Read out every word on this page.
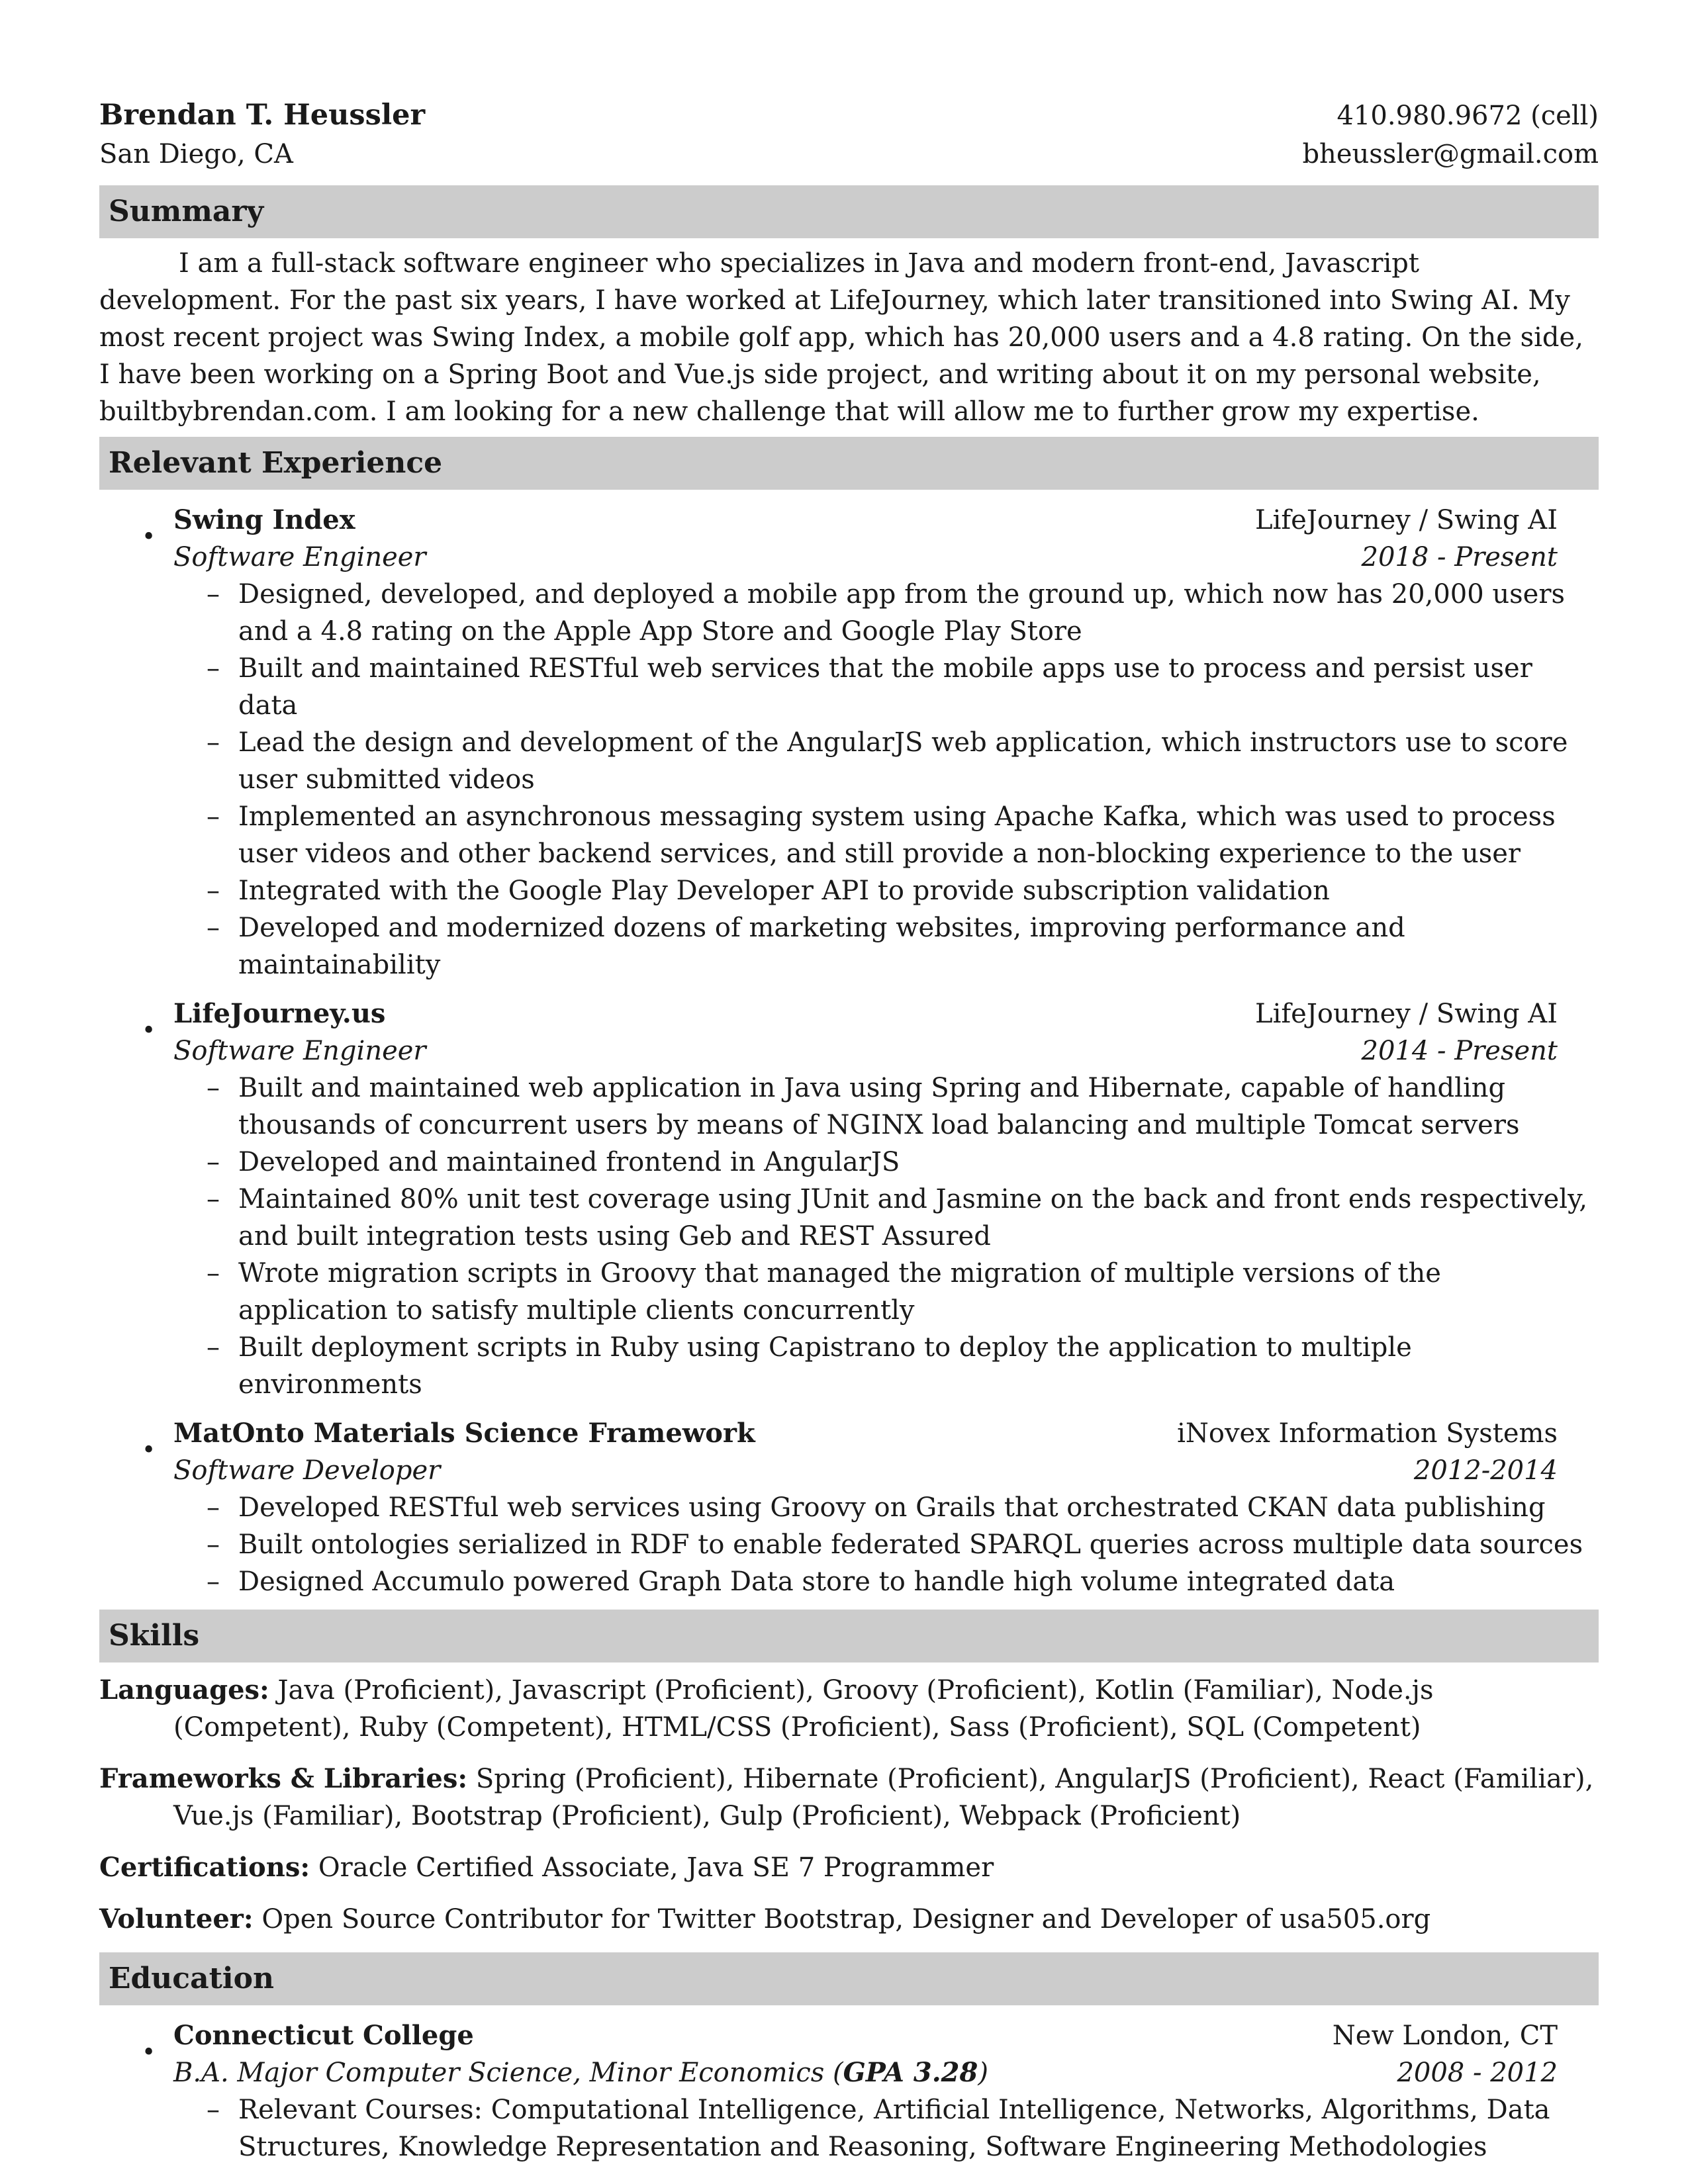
Brendan T. Heussler	410.980.9672 (cell)
San Diego, CA	bheussler@gmail.com
Summary
I am a full-stack software engineer who specializes in Java and modern front-end, Javascript development. For the past six years, I have worked at LifeJourney, which later transitioned into Swing AI. My most recent project was Swing Index, a mobile golf app, which has 20,000 users and a 4.8 rating. On the side, I have been working on a Spring Boot and Vue.js side project, and writing about it on my personal website, builtbybrendan.com. I am looking for a new challenge that will allow me to further grow my expertise.
Relevant Experience
•
Swing Index	LifeJourney / Swing AI
Software Engineer	2018 - Present
– Designed, developed, and deployed a mobile app from the ground up, which now has 20,000 users and a 4.8 rating on the Apple App Store and Google Play Store
– Built and maintained RESTful web services that the mobile apps use to process and persist user data
– Lead the design and development of the AngularJS web application, which instructors use to score user submitted videos
– Implemented an asynchronous messaging system using Apache Kafka, which was used to process user videos and other backend services, and still provide a non-blocking experience to the user
– Integrated with the Google Play Developer API to provide subscription validation
– Developed and modernized dozens of marketing websites, improving performance and maintainability
•
LifeJourney.us	LifeJourney / Swing AI
Software Engineer	2014 - Present
– Built and maintained web application in Java using Spring and Hibernate, capable of handling thousands of concurrent users by means of NGINX load balancing and multiple Tomcat servers
– Developed and maintained frontend in AngularJS
– Maintained 80% unit test coverage using JUnit and Jasmine on the back and front ends respectively, and built integration tests using Geb and REST Assured
– Wrote migration scripts in Groovy that managed the migration of multiple versions of the application to satisfy multiple clients concurrently
– Built deployment scripts in Ruby using Capistrano to deploy the application to multiple environments
•
MatOnto Materials Science Framework	iNovex Information Systems
Software Developer	2012-2014
– Developed RESTful web services using Groovy on Grails that orchestrated CKAN data publishing
– Built ontologies serialized in RDF to enable federated SPARQL queries across multiple data sources
– Designed Accumulo powered Graph Data store to handle high volume integrated data
Skills
Languages: Java (Proficient), Javascript (Proficient), Groovy (Proficient), Kotlin (Familiar), Node.js (Competent), Ruby (Competent), HTML/CSS (Proficient), Sass (Proficient), SQL (Competent)
Frameworks & Libraries: Spring (Proficient), Hibernate (Proficient), AngularJS (Proficient), React (Familiar), Vue.js (Familiar), Bootstrap (Proficient), Gulp (Proficient), Webpack (Proficient)
Certifications: Oracle Certified Associate, Java SE 7 Programmer
Volunteer: Open Source Contributor for Twitter Bootstrap, Designer and Developer of usa505.org
Education
•
Connecticut College	New London, CT
B.A. Major Computer Science, Minor Economics (GPA 3.28)	2008 - 2012
– Relevant Courses: Computational Intelligence, Artificial Intelligence, Networks, Algorithms, Data Structures, Knowledge Representation and Reasoning, Software Engineering Methodologies
